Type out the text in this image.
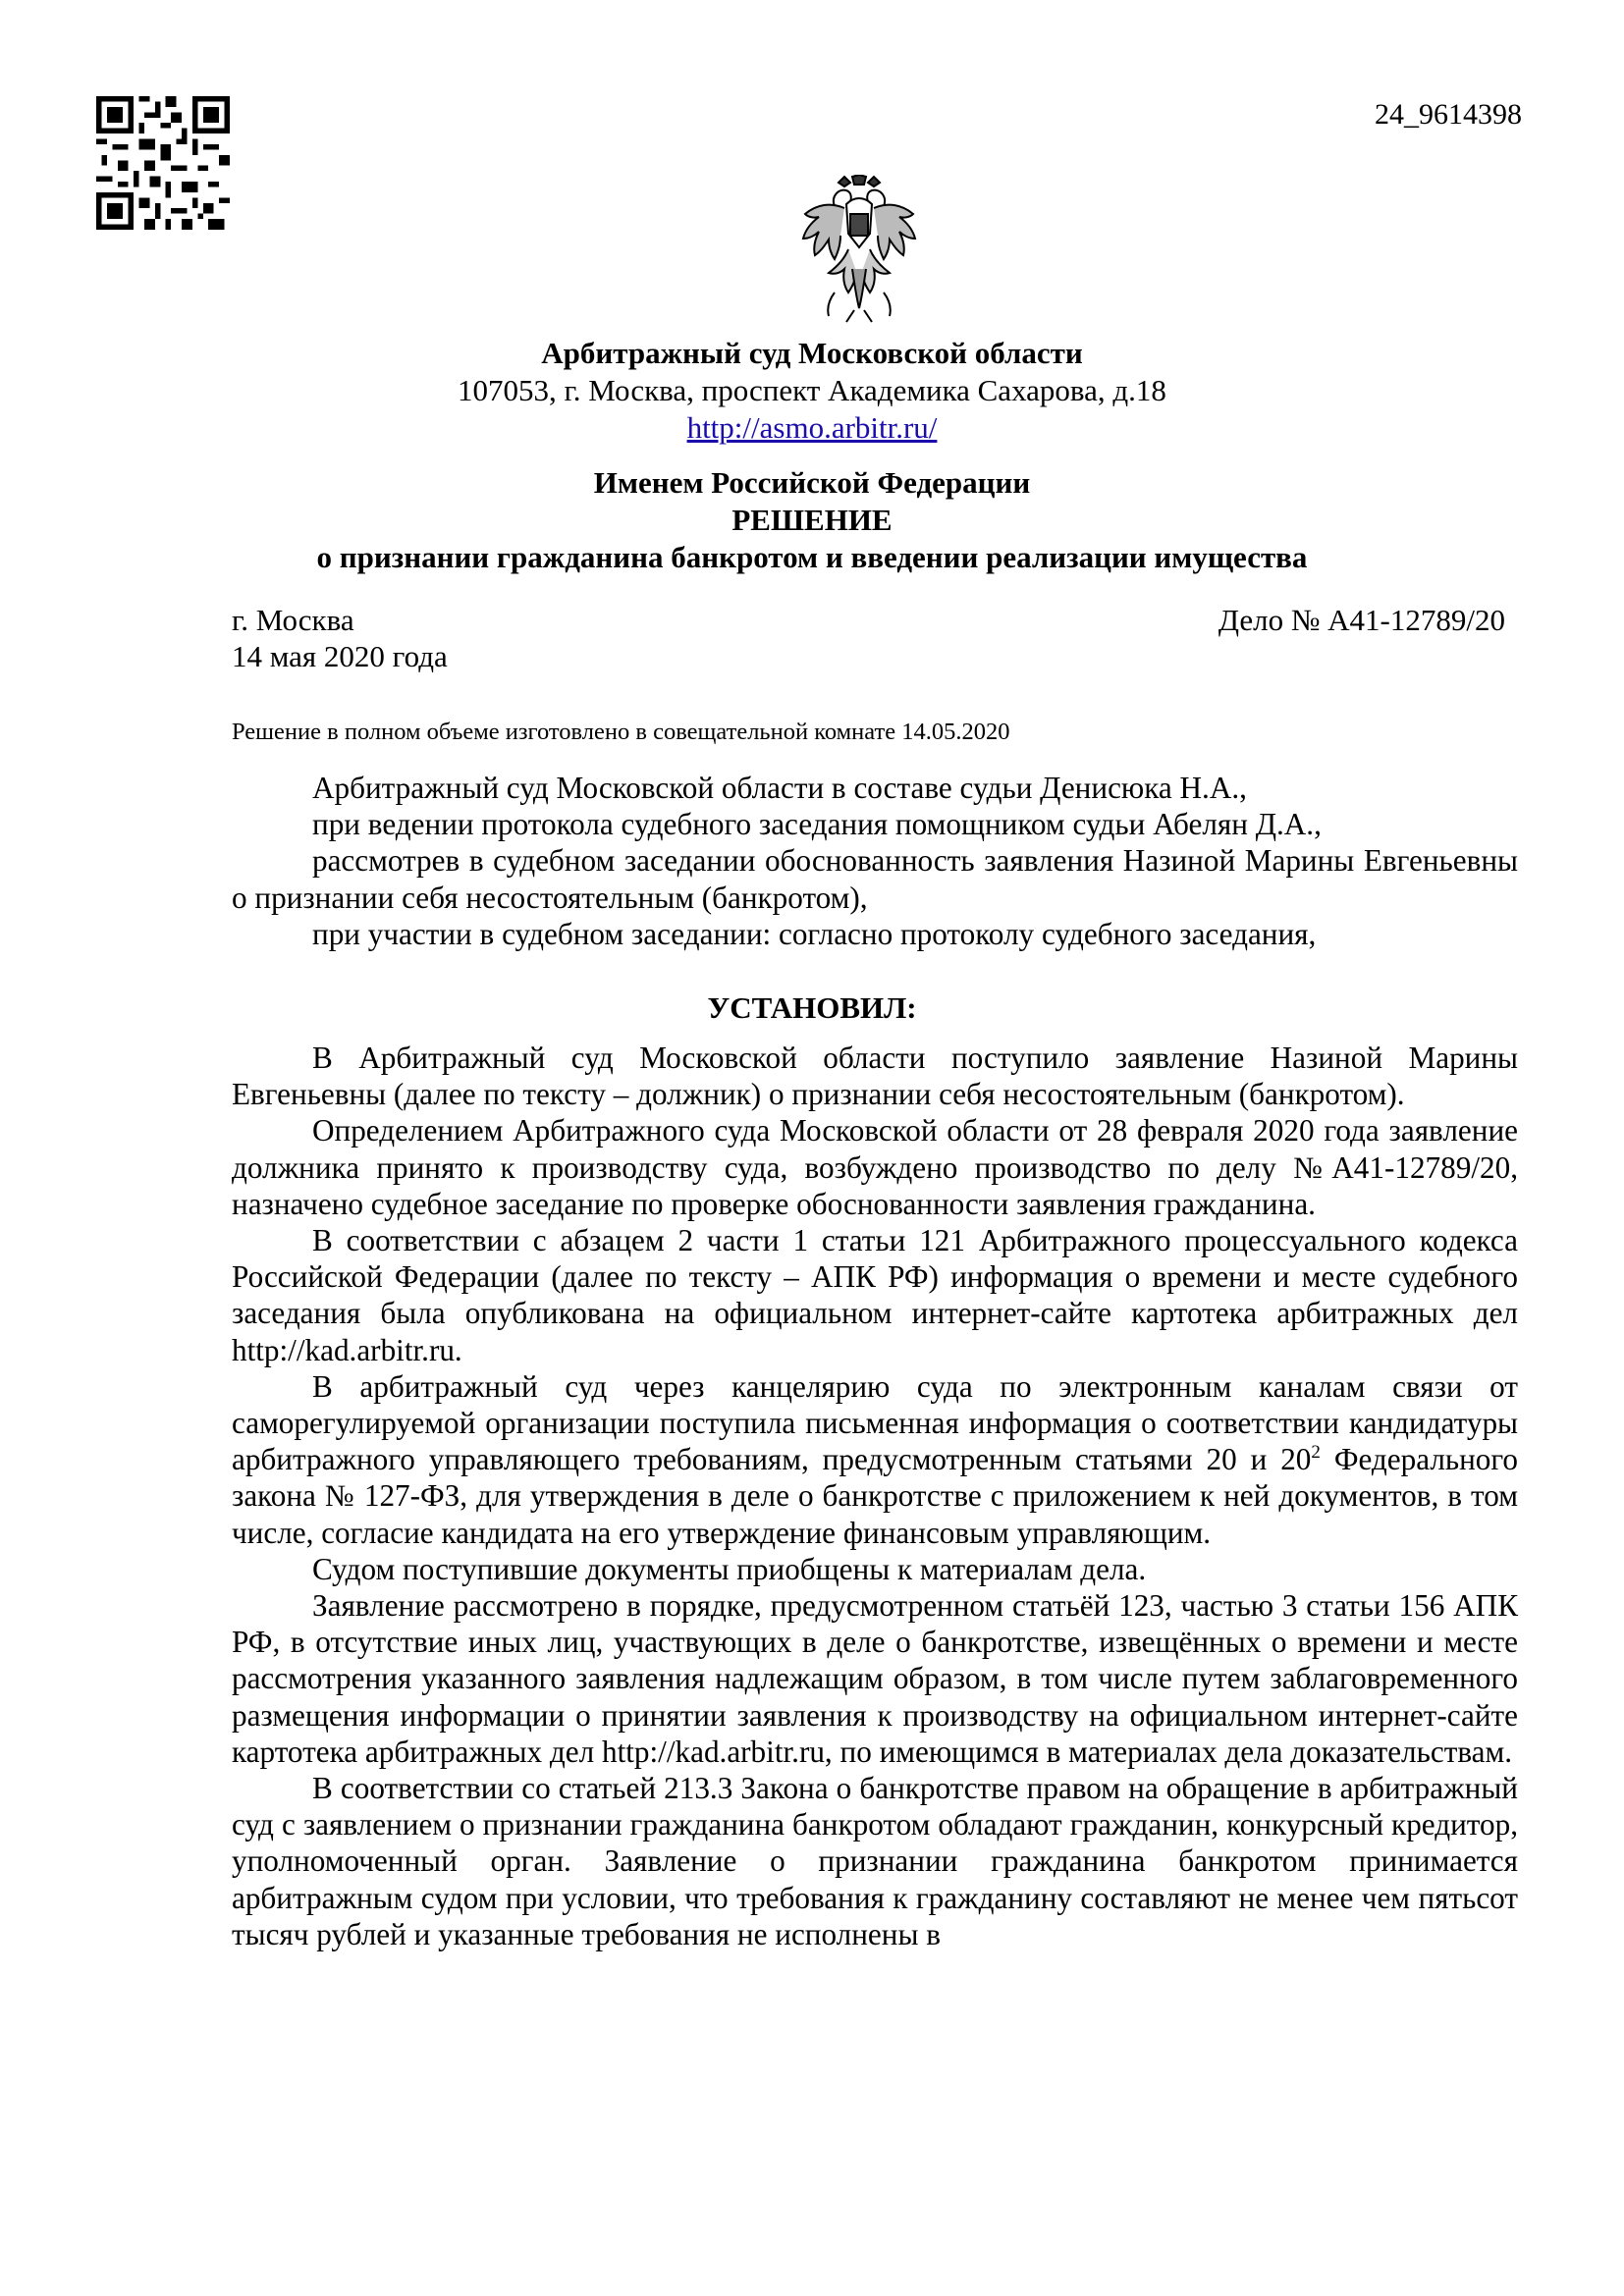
24_9614398
Арбитражный суд Московской области
107053, г. Москва, проспект Академика Сахарова, д.18
http://asmo.arbitr.ru/
Именем Российской Федерации
РЕШЕНИЕ
о признании гражданина банкротом и введении реализации имущества
г. Москва
14 мая 2020 года
Дело № А41-12789/20
Решение в полном объеме изготовлено в совещательной комнате 14.05.2020

Арбитражный суд Московской области в составе судьи Денисюка Н.А.,

при ведении протокола судебного заседания помощником судьи Абелян Д.А.,

рассмотрев в судебном заседании обоснованность заявления Назиной Марины Евгеньевны о признании себя несостоятельным (банкротом),

при участии в судебном заседании: согласно протоколу судебного заседания,

УСТАНОВИЛ:

В Арбитражный суд Московской области поступило заявление Назиной Марины Евгеньевны (далее по тексту – должник) о признании себя несостоятельным (банкротом).

Определением Арбитражного суда Московской области от 28 февраля 2020 года заявление должника принято к производству суда, возбуждено производство по делу №А41-12789/20, назначено судебное заседание по проверке обоснованности заявления гражданина.

В соответствии с абзацем 2 части 1 статьи 121 Арбитражного процессуального кодекса Российской Федерации (далее по тексту – АПК РФ) информация о времени и месте судебного заседания была опубликована на официальном интернет-сайте картотека арбитражных дел http://kad.arbitr.ru.

В арбитражный суд через канцелярию суда по электронным каналам связи от саморегулируемой организации поступила письменная информация о соответствии кандидатуры арбитражного управляющего требованиям, предусмотренным статьями 20 и $20^2$ Федерального закона № 127-ФЗ, для утверждения в деле о банкротстве с приложением к ней документов, в том числе, согласие кандидата на его утверждение финансовым управляющим.

Судом поступившие документы приобщены к материалам дела.

Заявление рассмотрено в порядке, предусмотренном статьёй 123, частью 3 статьи 156 АПК РФ, в отсутствие иных лиц, участвующих в деле о банкротстве, извещённых о времени и месте рассмотрения указанного заявления надлежащим образом, в том числе путем заблаговременного размещения информации о принятии заявления к производству на официальном интернет-сайте картотека арбитражных дел http://kad.arbitr.ru, по имеющимся в материалах дела доказательствам.

В соответствии со статьей 213.3 Закона о банкротстве правом на обращение в арбитражный суд с заявлением о признании гражданина банкротом обладают гражданин, конкурсный кредитор, уполномоченный орган. Заявление о признании гражданина банкротом принимается арбитражным судом при условии, что требования к гражданину составляют не менее чем пятьсот тысяч рублей и указанные требования не исполнены в
